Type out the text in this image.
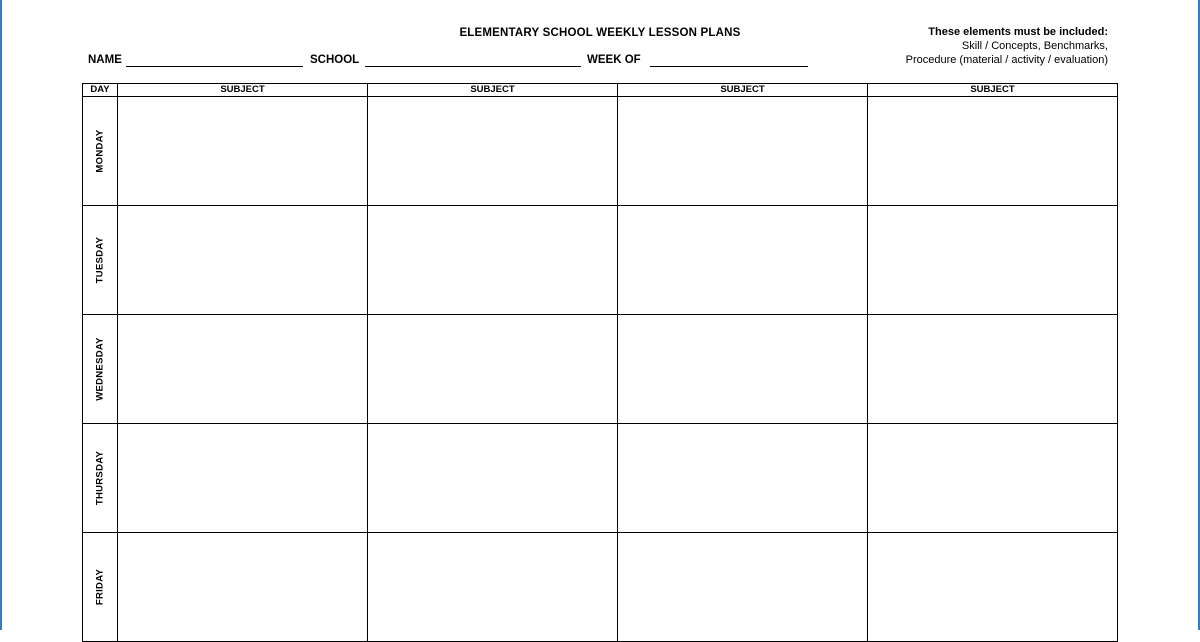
ELEMENTARY SCHOOL WEEKLY LESSON PLANS
NAME	SCHOOL	WEEK OF
These elements must be included:
Skill / Concepts, Benchmarks,
Procedure (material / activity / evaluation)
DAY	SUBJECT	SUBJECT	SUBJECT	SUBJECT

MONDAY				

TUESDAY				

WEDNESDAY				

THURSDAY				

FRIDAY				
